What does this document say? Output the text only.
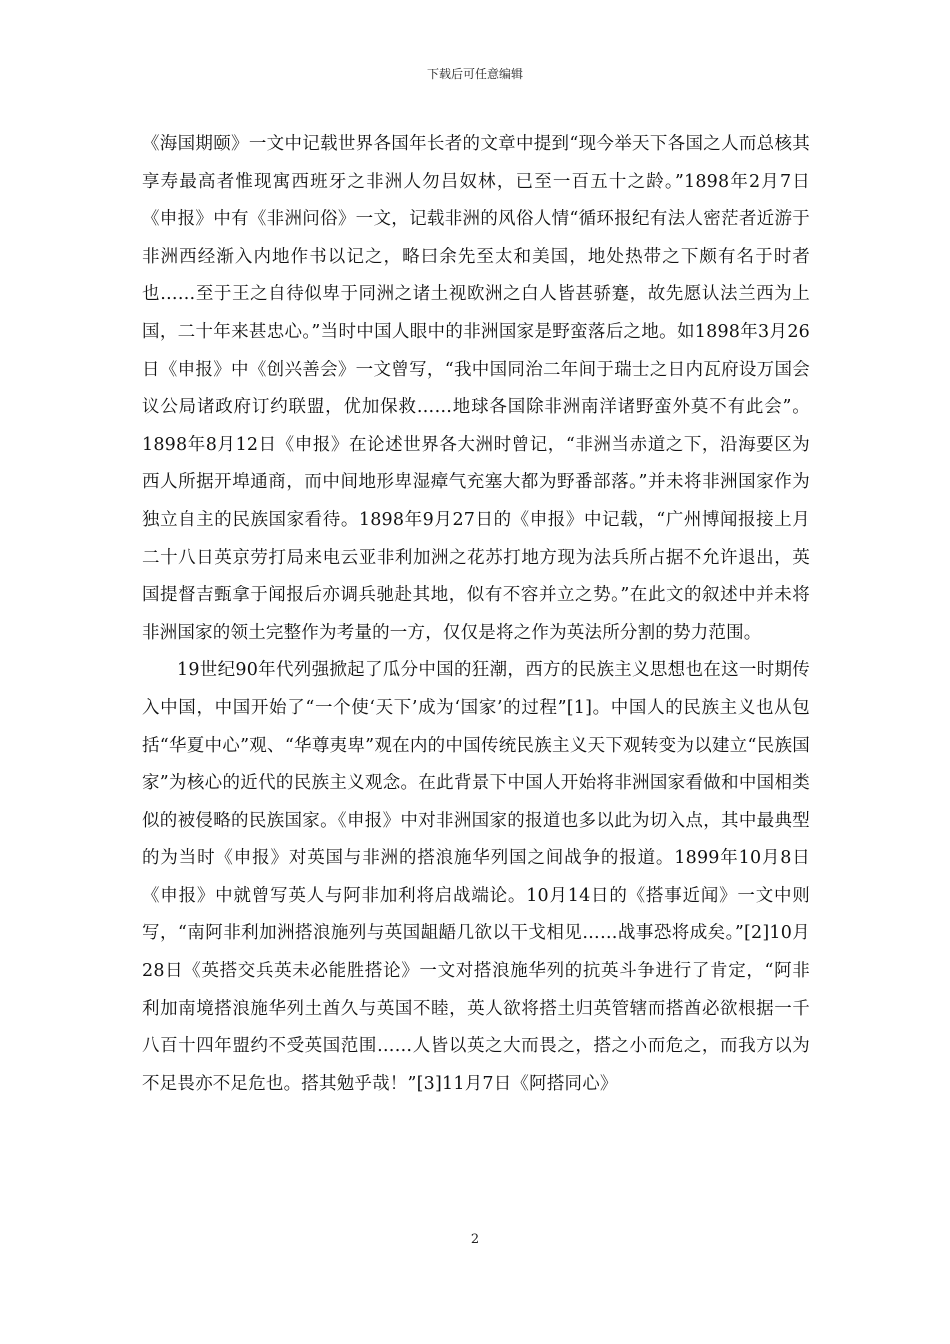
下载后可任意编辑

《海国期颐》一文中记载世界各国年长者的文章中提到“现今举天下各国之人而总核其享寿最高者惟现寓西班牙之非洲人勿吕奴林，已至一百五十之龄。”1898年2月7日《申报》中有《非洲问俗》一文，记载非洲的风俗人情“循环报纪有法人密茫者近游于非洲西经渐入内地作书以记之，略曰余先至太和美国，地处热带之下颇有名于时者也……至于王之自待似卑于同洲之诸土视欧洲之白人皆甚骄蹇，故先愿认法兰西为上国，二十年来甚忠心。”当时中国人眼中的非洲国家是野蛮落后之地。如1898年3月26日《申报》中《创兴善会》一文曾写，“我中国同治二年间于瑞士之日内瓦府设万国会议公局诸政府订约联盟，优加保救……地球各国除非洲南洋诸野蛮外莫不有此会”。1898年8月12日《申报》在论述世界各大洲时曾记，“非洲当赤道之下，沿海要区为西人所据开埠通商，而中间地形卑湿瘴气充塞大都为野番部落。”并未将非洲国家作为独立自主的民族国家看待。1898年9月27日的《申报》中记载，“广州博闻报接上月二十八日英京劳打局来电云亚非利加洲之花苏打地方现为法兵所占据不允许退出，英国提督吉甄拿于闻报后亦调兵驰赴其地，似有不容并立之势。”在此文的叙述中并未将非洲国家的领土完整作为考量的一方，仅仅是将之作为英法所分割的势力范围。

19世纪90年代列强掀起了瓜分中国的狂潮，西方的民族主义思想也在这一时期传入中国，中国开始了“一个使‘天下’成为‘国家’的过程”[1]。中国人的民族主义也从包括“华夏中心”观、“华尊夷卑”观在内的中国传统民族主义天下观转变为以建立“民族国家”为核心的近代的民族主义观念。在此背景下中国人开始将非洲国家看做和中国相类似的被侵略的民族国家。《申报》中对非洲国家的报道也多以此为切入点，其中最典型的为当时《申报》对英国与非洲的搭浪施华列国之间战争的报道。1899年10月8日《申报》中就曾写英人与阿非加利将启战端论。10月14日的《搭事近闻》一文中则写，“南阿非利加洲搭浪施列与英国龃龉几欲以干戈相见……战事恐将成矣。”[2]10月28日《英搭交兵英未必能胜搭论》一文对搭浪施华列的抗英斗争进行了肯定，“阿非利加南境搭浪施华列土酋久与英国不睦，英人欲将搭土归英管辖而搭酋必欲根据一千八百十四年盟约不受英国范围……人皆以英之大而畏之，搭之小而危之，而我方以为不足畏亦不足危也。搭其勉乎哉！”[3]11月7日《阿搭同心》

2
